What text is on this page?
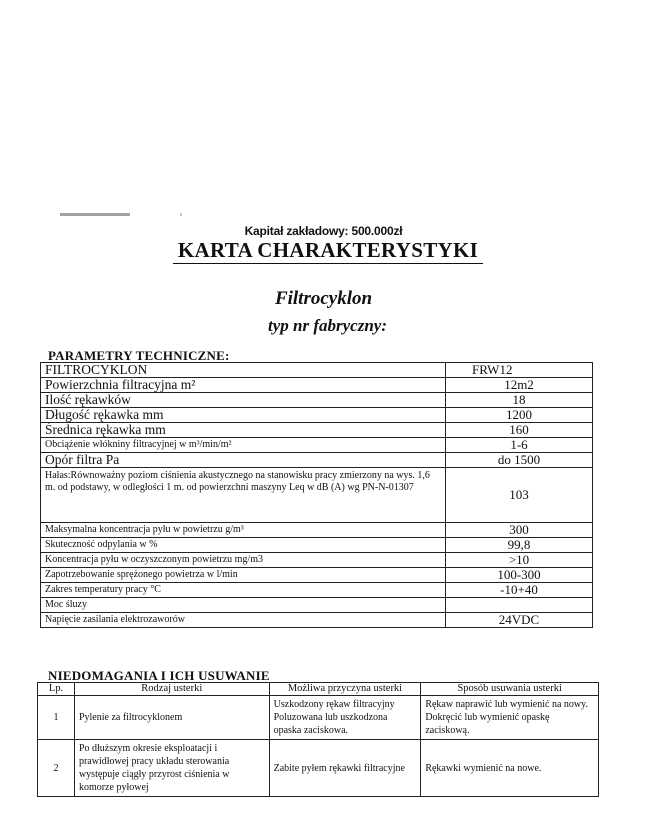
Kapitał zakładowy: 500.000zł
KARTA CHARAKTERYSTYKI
Filtrocyklon
typ nr fabryczny:
PARAMETRY TECHNICZNE:
FILTROCYKLON	FRW12
Powierzchnia filtracyjna m²	12m2
Ilość rękawków	18
Długość rękawka mm	1200
Średnica rękawka mm	160
Obciążenie włókniny filtracyjnej w m³/min/m²	1-6
Opór filtra Pa	do 1500
Hałas:Równoważny poziom ciśnienia akustycznego na stanowisku pracy zmierzony na wys. 1,6 m. od podstawy, w odległości 1 m. od powierzchni maszyny Leq w dB (A) wg PN-N-01307	103
Maksymalna koncentracja pyłu w powietrzu g/m³	300
Skuteczność odpylania w %	99,8
Koncentracja pyłu w oczyszczonym powietrzu mg/m3	>10
Zapotrzebowanie sprężonego powietrza w l/min	100-300
Zakres temperatury pracy °C	-10+40
Moc śluzy	
Napięcie zasilania elektrozaworów	24VDC
NIEDOMAGANIA I ICH USUWANIE
Lp.	Rodzaj usterki	Możliwa przyczyna usterki	Sposób usuwania usterki
1	Pylenie za filtrocyklonem	Uszkodzony rękaw filtracyjny Poluzowana lub uszkodzona opaska zaciskowa.	Rękaw naprawić lub wymienić na nowy. Dokręcić lub wymienić opaskę zaciskową.
2	Po dłuższym okresie eksploatacji i prawidłowej pracy układu sterowania występuje ciągły przyrost ciśnienia w komorze pyłowej	Zabite pyłem rękawki filtracyjne	Rękawki wymienić na nowe.
